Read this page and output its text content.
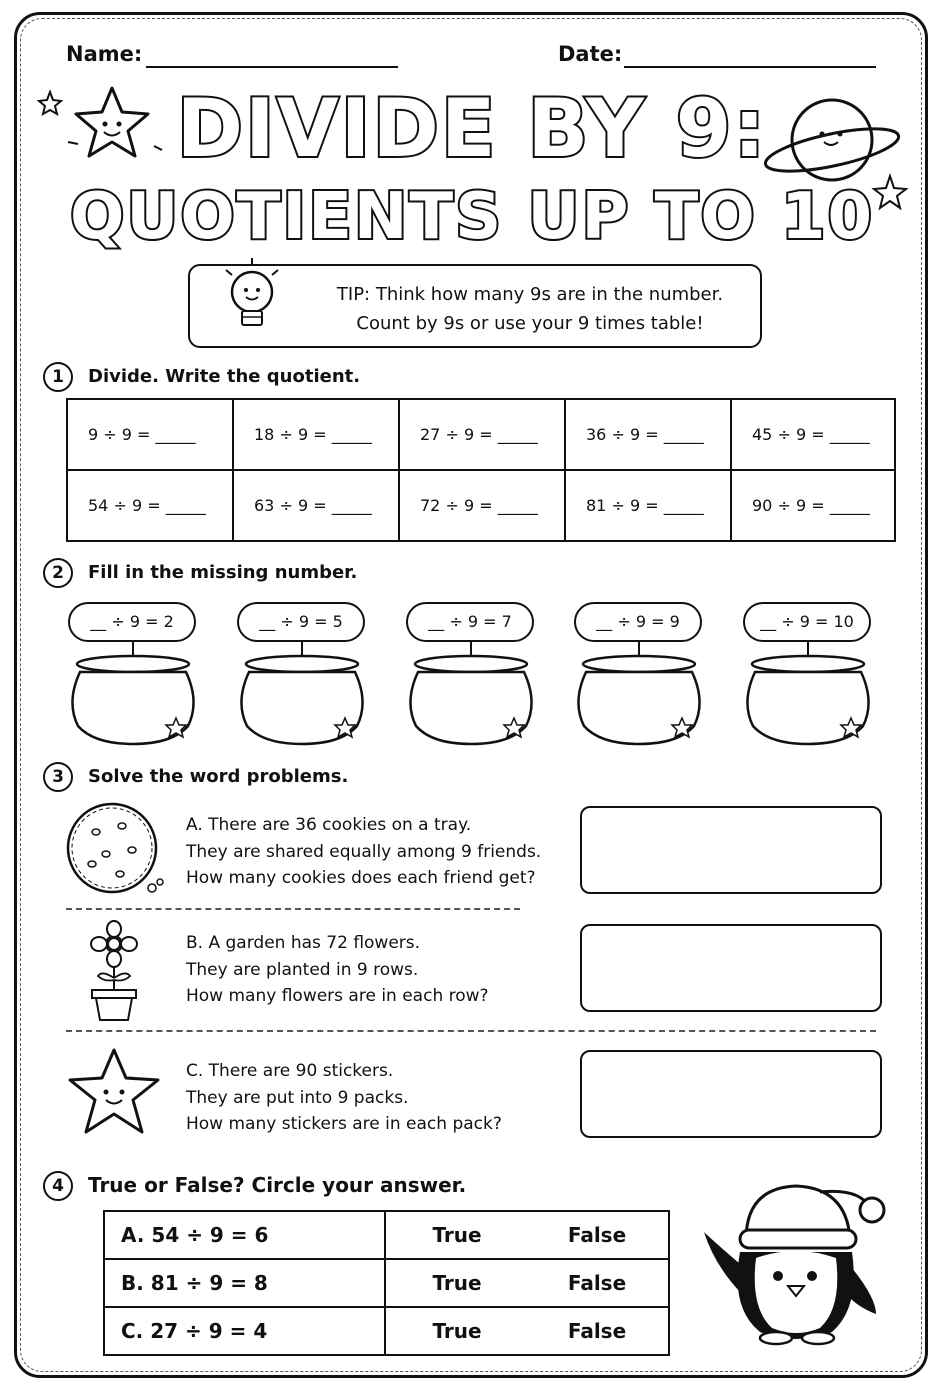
Name:	Date:
DIVIDE BY 9:
QUOTIENTS UP TO 10
TIP: Think how many 9s are in the number.
Count by 9s or use your 9 times table!
1	Divide. Write the quotient.
9 ÷ 9 = _____	18 ÷ 9 = _____	27 ÷ 9 = _____	36 ÷ 9 = _____	45 ÷ 9 = _____
54 ÷ 9 = _____	63 ÷ 9 = _____	72 ÷ 9 = _____	81 ÷ 9 = _____	90 ÷ 9 = _____
2	Fill in the missing number.
__ ÷ 9 = 2	__ ÷ 9 = 5	__ ÷ 9 = 7	__ ÷ 9 = 9	__ ÷ 9 = 10
3	Solve the word problems.
A. There are 36 cookies on a tray.
They are shared equally among 9 friends.
How many cookies does each friend get?
B. A garden has 72 flowers.
They are planted in 9 rows.
How many flowers are in each row?
C. There are 90 stickers.
They are put into 9 packs.
How many stickers are in each pack?
4	True or False? Circle your answer.
A. 54 ÷ 9 = 6	True False
B. 81 ÷ 9 = 8	True False
C. 27 ÷ 9 = 4	True False
